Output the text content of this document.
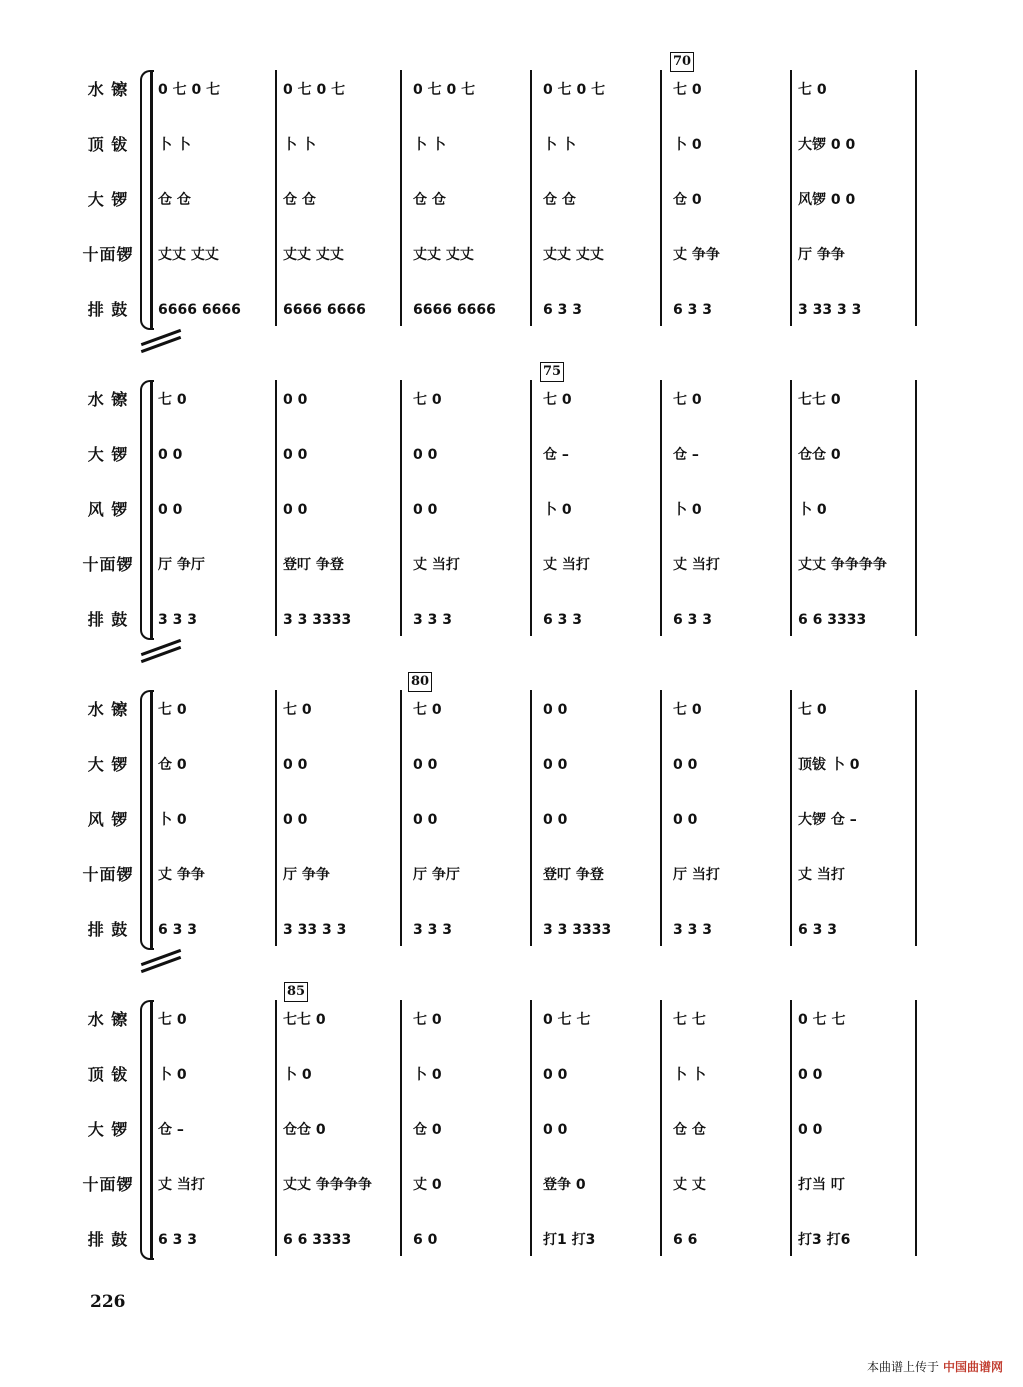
70
水 镲
顶 钹
大 锣
十面锣
排 鼓
0 七 0 七
卜 卜
仓 仓
丈丈 丈丈
6666 6666
0 七 0 七
卜 卜
仓 仓
丈丈 丈丈
6666 6666
0 七 0 七
卜 卜
仓 仓
丈丈 丈丈
6666 6666
0 七 0 七
卜 卜
仓 仓
丈丈 丈丈
6 3 3
七 0
卜 0
仓 0
丈 争争
6 3 3
七 0
大锣 0 0
风锣 0 0
厅 争争
3 33 3 3
75
水 镲
大 锣
风 锣
十面锣
排 鼓
七 0
0 0
0 0
厅 争厅
3 3 3
0 0
0 0
0 0
登叮 争登
3 3 3333
七 0
0 0
0 0
丈 当打
3 3 3
七 0
仓 –
卜 0
丈 当打
6 3 3
七 0
仓 –
卜 0
丈 当打
6 3 3
七七 0
仓仓 0
卜 0
丈丈 争争争争
6 6 3333
80
水 镲
大 锣
风 锣
十面锣
排 鼓
七 0
仓 0
卜 0
丈 争争
6 3 3
七 0
0 0
0 0
厅 争争
3 33 3 3
七 0
0 0
0 0
厅 争厅
3 3 3
0 0
0 0
0 0
登叮 争登
3 3 3333
七 0
0 0
0 0
厅 当打
3 3 3
七 0
顶钹 卜 0
大锣 仓 –
丈 当打
6 3 3
85
水 镲
顶 钹
大 锣
十面锣
排 鼓
七 0
卜 0
仓 –
丈 当打
6 3 3
七七 0
卜 0
仓仓 0
丈丈 争争争争
6 6 3333
七 0
卜 0
仓 0
丈 0
6 0
0 七 七
0 0
0 0
登争 0
打1 打3
七 七
卜 卜
仓 仓
丈 丈
6 6
0 七 七
0 0
0 0
打当 叮
打3 打6
226
本曲谱上传于 中国曲谱网
